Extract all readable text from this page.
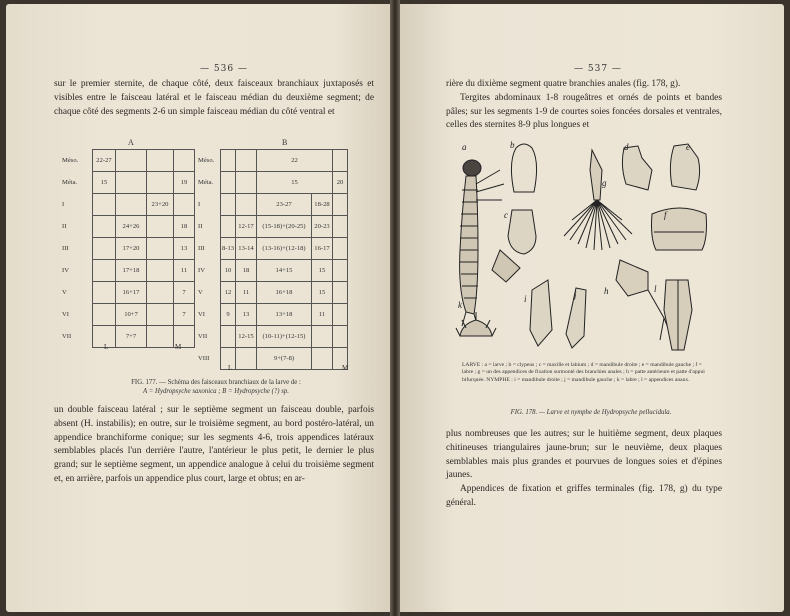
— 536 —

sur le premier sternite, de chaque côté, deux faisceaux branchiaux juxtaposés et visibles entre le faisceau latéral et le faisceau médian du deuxième segment; de chaque côté des segments 2-6 un simple faisceau médian du côté ventral et

A	B
Méso.	22-27			
Méta.	15			19
I			23+20	
II		24+26		18
III		17+20		13
IV		17+18		11
V		16+17		7
VI		10+7		7
VII		7+7		
Méso.			22		
Méta.			15		20
I			23-27	18-28	
II		12-17	(15-18)+(20-25)	20-23	
III	8-13	13-14	(13-16)+(12-18)	16-17	
IV	10	18	14+15	15	
V	12	11	16+18	15	
VI	9	13	13+18	11	
VII		12-15	(10-11)+(12-15)		
VIII			9+(7-8)		
L	M
L	M
FIG. 177. — Schéma des faisceaux branchiaux de la larve de :
A = Hydropsyche saxonica ; B = Hydropsyche (?) sp.

un double faisceau latéral ; sur le septième segment un faisceau double, parfois absent (H. instabilis); en outre, sur le troisième segment, au bord postéro-latéral, un appendice branchiforme conique; sur les segments 4-6, trois appendices latéraux semblables placés l'un derrière l'autre, l'antérieur le plus petit, le dernier le plus grand; sur le septième segment, un appendice analogue à celui du troisième segment et, en arrière, parfois un appendice plus court, large et obtus; en ar-

— 537 —

rière du dixième segment quatre branchies anales (fig. 178, g).

Tergites abdominaux 1-8 rougeâtres et ornés de points et bandes pâles; sur les segments 1-9 de courtes soies foncées dorsales et ventrales, celles des sternites 8-9 plus longues et

a	b
c
d	e
f
g
h
i	j
k
l
LARVE : a = larve ; b = clypeus ; c = maxille et labium ; d = mandibule droite ; e = mandibule gauche ; f = labre ; g = un des appendices de fixation surmonté des branchies anales ; h = patte antérieure et patte d'appui bifurquée. NYMPHE : i = mandibule droite ; j = mandibule gauche ; k = labre ; l = appendices anaux.
FIG. 178. — Larve et nymphe de Hydropsyche pellucidula.

plus nombreuses que les autres; sur le huitième segment, deux plaques chitineuses triangulaires jaune-brun; sur le neuvième, deux plaques semblables mais plus grandes et pourvues de longues soies et d'épines jaunes.

Appendices de fixation et griffes terminales (fig. 178, g) du type général.
